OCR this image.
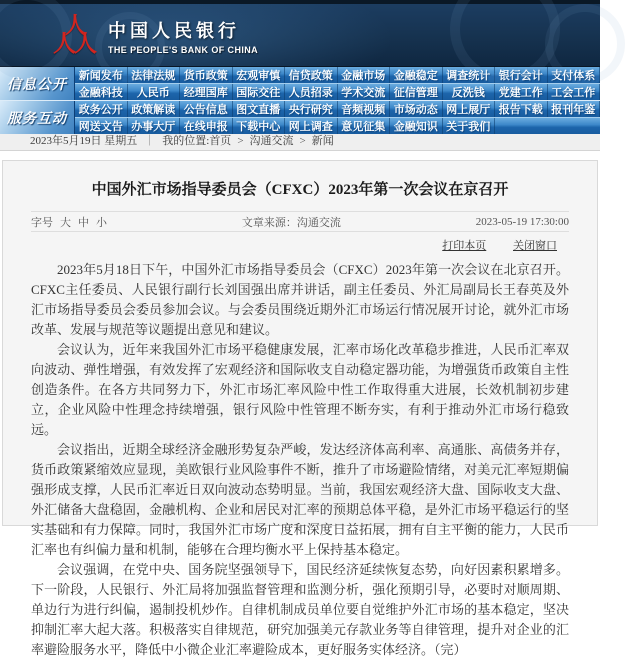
人
人
人 中国人民银行
THE PEOPLE'S BANK OF CHINA
信息公开	新闻发布 法律法规 货币政策 宏观审慎 信贷政策 金融市场 金融稳定 调查统计 银行会计 支付体系
金融科技	人民币	经理国库 国际交往 人员招录 学术交流 征信管理	反洗钱	党建工作 工会工作
服务互动	政务公开 政策解读 公告信息 图文直播 央行研究 音频视频 市场动态 网上展厅 报告下载 报刊年鉴
网送文告 办事大厅 在线申报 下载中心 网上调查 意见征集 金融知识 关于我们
2023年5月19日 星期五 ｜ 我的位置: 首页 > 沟通交流 > 新闻
中国外汇市场指导委员会（CFXC）2023年第一次会议在京召开
字号 大 中 小	文章来源：沟通交流	2023-05-19 17:30:00
打印本页 关闭窗口

2023年5月18日下午，中国外汇市场指导委员会（CFXC）2023年第一次会议在北京召开。CFXC主任委员、人民银行副行长刘国强出席并讲话，副主任委员、外汇局副局长王春英及外汇市场指导委员会委员参加会议。与会委员围绕近期外汇市场运行情况展开讨论，就外汇市场改革、发展与规范等议题提出意见和建议。

会议认为，近年来我国外汇市场平稳健康发展，汇率市场化改革稳步推进，人民币汇率双向波动、弹性增强，有效发挥了宏观经济和国际收支自动稳定器功能，为增强货币政策自主性创造条件。在各方共同努力下，外汇市场汇率风险中性工作取得重大进展，长效机制初步建立，企业风险中性理念持续增强，银行风险中性管理不断夯实，有利于推动外汇市场行稳致远。

会议指出，近期全球经济金融形势复杂严峻，发达经济体高利率、高通胀、高债务并存，货币政策紧缩效应显现，美欧银行业风险事件不断，推升了市场避险情绪，对美元汇率短期偏强形成支撑，人民币汇率近日双向波动态势明显。当前，我国宏观经济大盘、国际收支大盘、外汇储备大盘稳固，金融机构、企业和居民对汇率的预期总体平稳，是外汇市场平稳运行的坚实基础和有力保障。同时，我国外汇市场广度和深度日益拓展，拥有自主平衡的能力，人民币汇率也有纠偏力量和机制，能够在合理均衡水平上保持基本稳定。

会议强调，在党中央、国务院坚强领导下，国民经济延续恢复态势，向好因素积累增多。下一阶段，人民银行、外汇局将加强监督管理和监测分析，强化预期引导，必要时对顺周期、单边行为进行纠偏，遏制投机炒作。自律机制成员单位要自觉维护外汇市场的基本稳定，坚决抑制汇率大起大落。积极落实自律规范，研究加强美元存款业务等自律管理，提升对企业的汇率避险服务水平，降低中小微企业汇率避险成本，更好服务实体经济。（完）
